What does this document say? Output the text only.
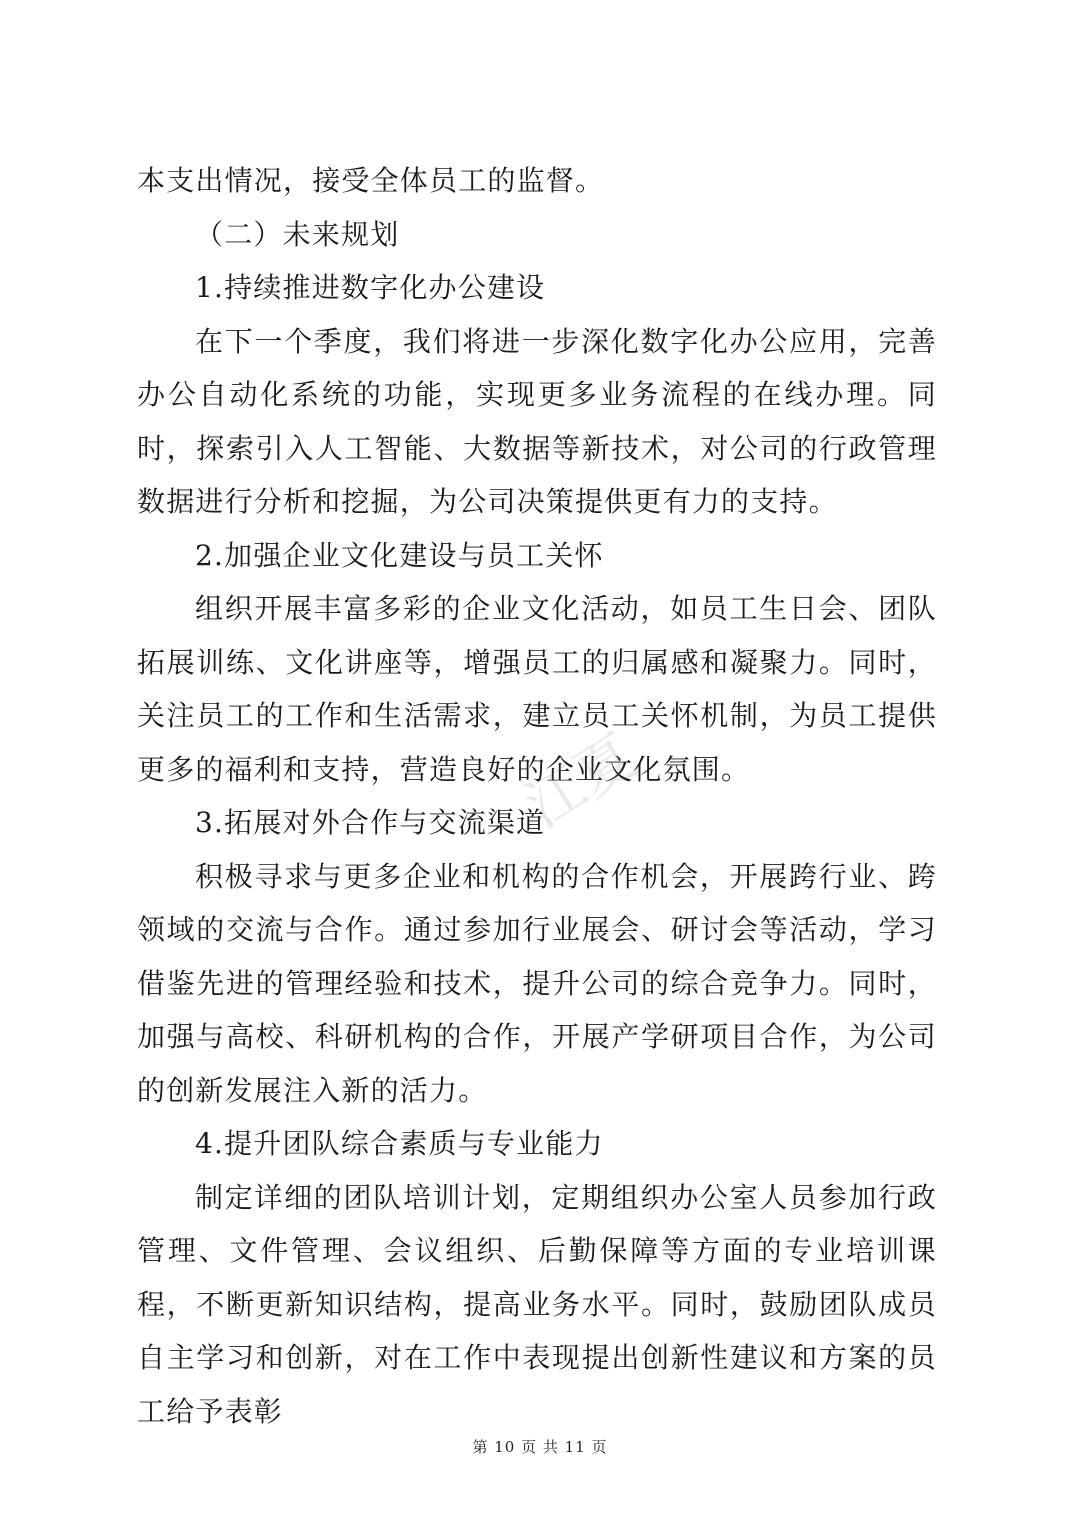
本支出情况，接受全体员工的监督。

（二）未来规划

1.持续推进数字化办公建设

在下一个季度，我们将进一步深化数字化办公应用，完善办公自动化系统的功能，实现更多业务流程的在线办理。同时，探索引入人工智能、大数据等新技术，对公司的行政管理数据进行分析和挖掘，为公司决策提供更有力的支持。

2.加强企业文化建设与员工关怀

组织开展丰富多彩的企业文化活动，如员工生日会、团队拓展训练、文化讲座等，增强员工的归属感和凝聚力。同时，关注员工的工作和生活需求，建立员工关怀机制，为员工提供更多的福利和支持，营造良好的企业文化氛围。

3.拓展对外合作与交流渠道

积极寻求与更多企业和机构的合作机会，开展跨行业、跨领域的交流与合作。通过参加行业展会、研讨会等活动，学习借鉴先进的管理经验和技术，提升公司的综合竞争力。同时，加强与高校、科研机构的合作，开展产学研项目合作，为公司的创新发展注入新的活力。

4.提升团队综合素质与专业能力

制定详细的团队培训计划，定期组织办公室人员参加行政管理、文件管理、会议组织、后勤保障等方面的专业培训课程，不断更新知识结构，提高业务水平。同时，鼓励团队成员自主学习和创新，对在工作中表现提出创新性建议和方案的员工给予表彰

江夏
第 10 页 共 11 页
